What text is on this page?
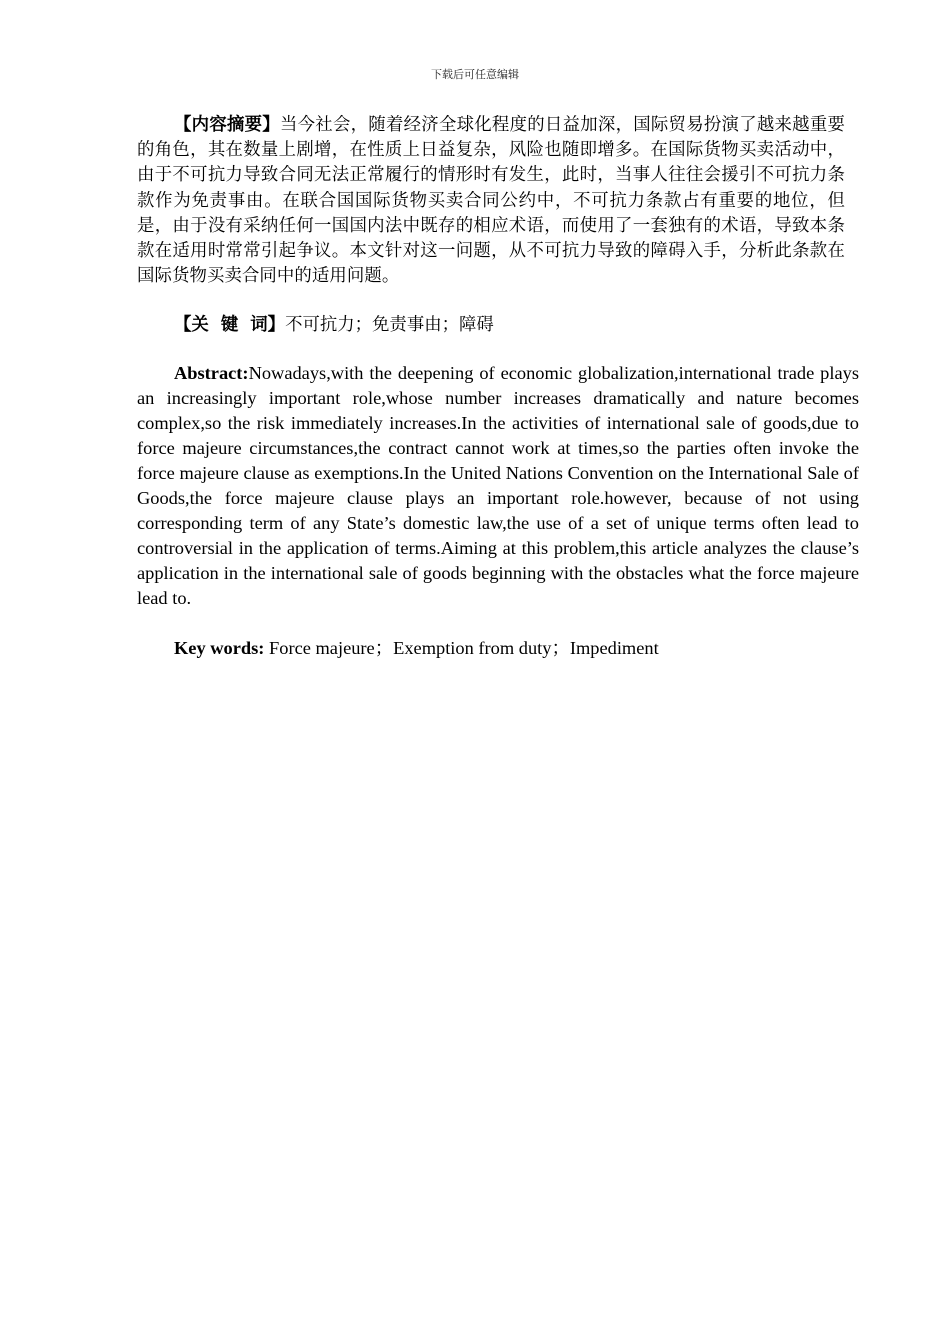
下载后可任意编辑

【内容摘要】当今社会，随着经济全球化程度的日益加深，国际贸易扮演了越来越重要的角色，其在数量上剧增，在性质上日益复杂，风险也随即增多。在国际货物买卖活动中，由于不可抗力导致合同无法正常履行的情形时有发生，此时，当事人往往会援引不可抗力条款作为免责事由。在联合国国际货物买卖合同公约中，不可抗力条款占有重要的地位，但是，由于没有采纳任何一国国内法中既存的相应术语，而使用了一套独有的术语，导致本条款在适用时常常引起争议。本文针对这一问题，从不可抗力导致的障碍入手，分析此条款在国际货物买卖合同中的适用问题。

【关 键 词】不可抗力；免责事由；障碍

Abstract:Nowadays,with the deepening of economic globalization,international trade plays an increasingly important role,whose number increases dramatically and nature becomes complex,so the risk immediately increases.In the activities of international sale of goods,due to force majeure circumstances,the contract cannot work at times,so the parties often invoke the force majeure clause as exemptions.In the United Nations Convention on the International Sale of Goods,the force majeure clause plays an important role.however, because of not using corresponding term of any State’s domestic law,the use of a set of unique terms often lead to controversial in the application of terms.Aiming at this problem,this article analyzes the clause’s application in the international sale of goods beginning with the obstacles what the force majeure lead to.

Key words: Force majeure；Exemption from duty；Impediment
